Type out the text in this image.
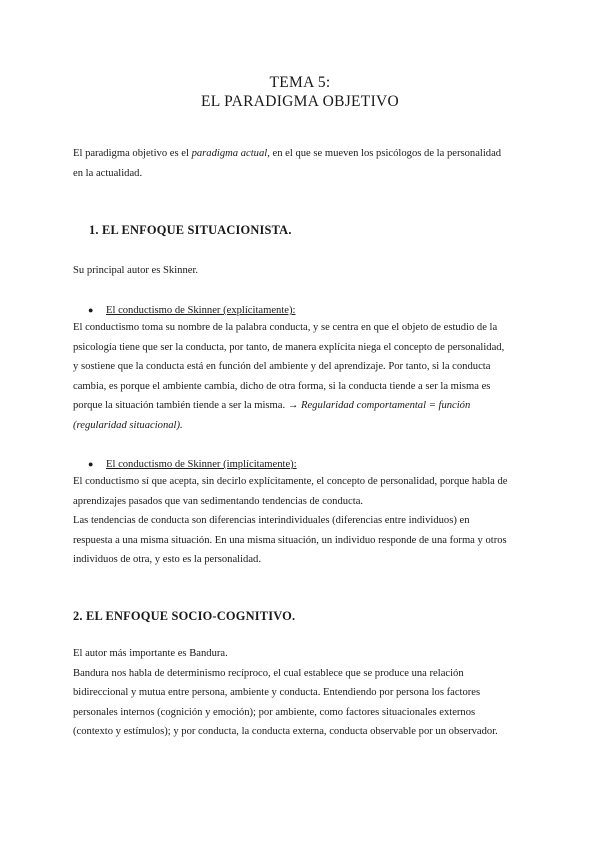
TEMA 5:
EL PARADIGMA OBJETIVO

El paradigma objetivo es el paradigma actual, en el que se mueven los psicólogos de la personalidad
en la actualidad.

1. EL ENFOQUE SITUACIONISTA.

Su principal autor es Skinner.

● El conductismo de Skinner (explícitamente):

El conductismo toma su nombre de la palabra conducta, y se centra en que el objeto de estudio de la
psicología tiene que ser la conducta, por tanto, de manera explícita niega el concepto de personalidad,
y sostiene que la conducta está en función del ambiente y del aprendizaje. Por tanto, si la conducta
cambia, es porque el ambiente cambia, dicho de otra forma, si la conducta tiende a ser la misma es
porque la situación también tiende a ser la misma. → Regularidad comportamental = función
(regularidad situacional).

● El conductismo de Skinner (implícitamente):

El conductismo sí que acepta, sin decirlo explícitamente, el concepto de personalidad, porque habla de
aprendizajes pasados que van sedimentando tendencias de conducta.
Las tendencias de conducta son diferencias interindividuales (diferencias entre individuos) en
respuesta a una misma situación. En una misma situación, un individuo responde de una forma y otros
individuos de otra, y esto es la personalidad.

2. EL ENFOQUE SOCIO-COGNITIVO.

El autor más importante es Bandura.
Bandura nos habla de determinismo recíproco, el cual establece que se produce una relación
bidireccional y mutua entre persona, ambiente y conducta. Entendiendo por persona los factores
personales internos (cognición y emoción); por ambiente, como factores situacionales externos
(contexto y estímulos); y por conducta, la conducta externa, conducta observable por un observador.
